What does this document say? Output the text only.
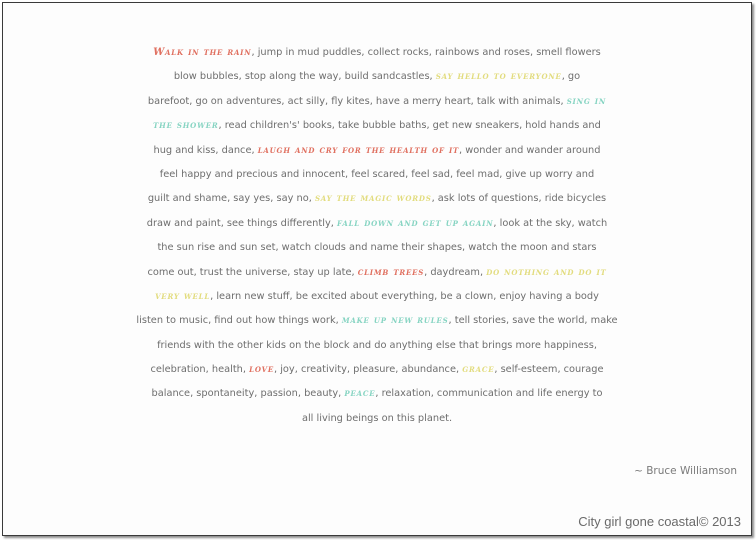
Walk in the rain, jump in mud puddles, collect rocks, rainbows and roses, smell flowers
blow bubbles, stop along the way, build sandcastles, say hello to everyone, go
barefoot, go on adventures, act silly, fly kites, have a merry heart, talk with animals, sing in
the shower, read children's' books, take bubble baths, get new sneakers, hold hands and
hug and kiss, dance, laugh and cry for the health of it, wonder and wander around
feel happy and precious and innocent, feel scared, feel sad, feel mad, give up worry and
guilt and shame, say yes, say no, say the magic words, ask lots of questions, ride bicycles
draw and paint, see things differently, fall down and get up again, look at the sky, watch
the sun rise and sun set, watch clouds and name their shapes, watch the moon and stars
come out, trust the universe, stay up late, climb trees, daydream, do nothing and do it
very well, learn new stuff, be excited about everything, be a clown, enjoy having a body
listen to music, find out how things work, make up new rules, tell stories, save the world, make
friends with the other kids on the block and do anything else that brings more happiness,
celebration, health, love, joy, creativity, pleasure, abundance, grace, self-esteem, courage
balance, spontaneity, passion, beauty, peace, relaxation, communication and life energy to
all living beings on this planet.
~ Bruce Williamson
City girl gone coastal© 2013
